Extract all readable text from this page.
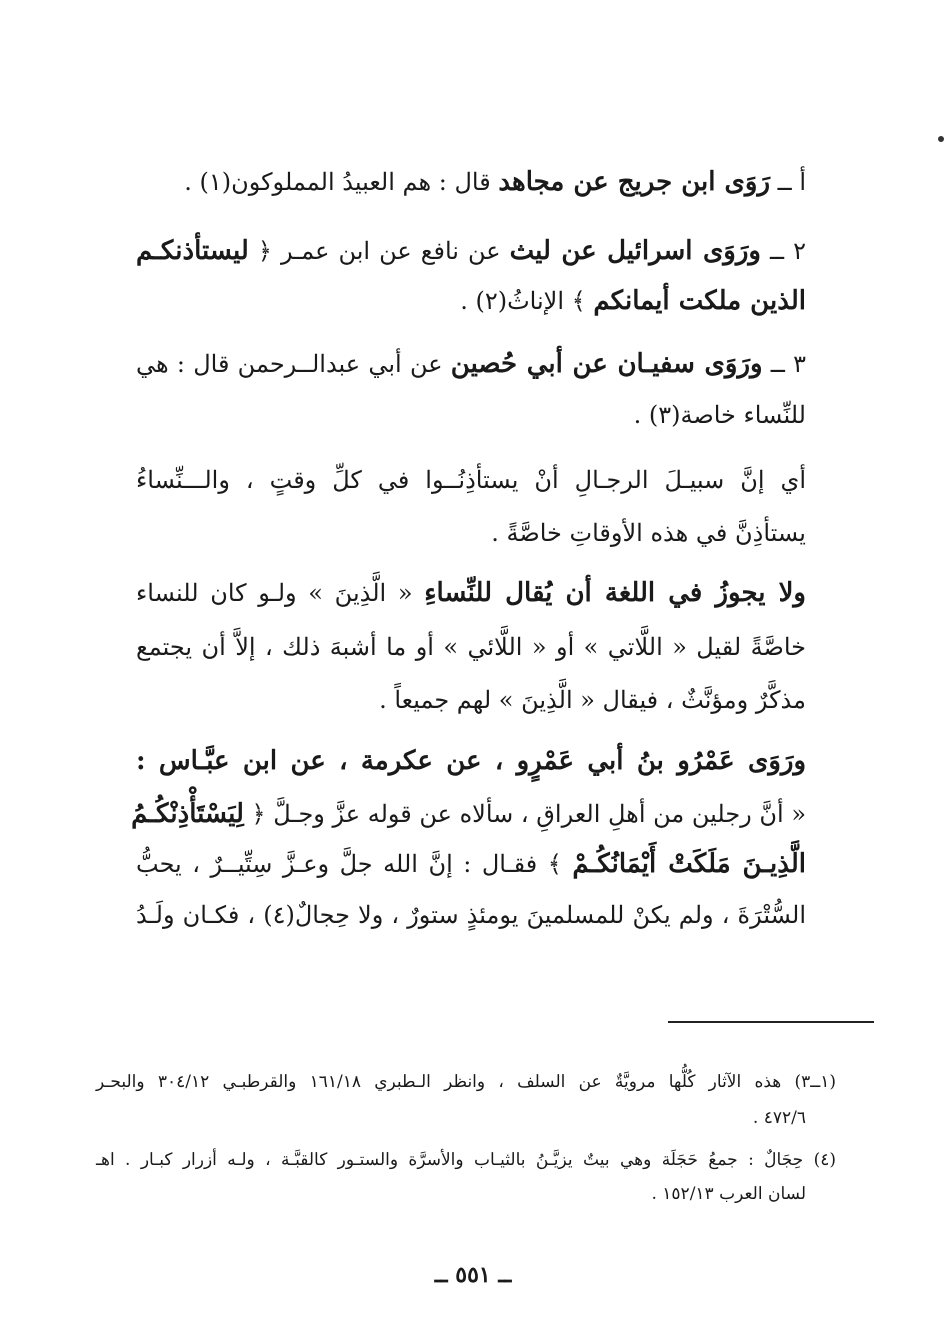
أ ــ رَوَى ابن جريج عن مجاهد قال : هم العبيدُ المملوكون(١) .
٢ ــ ورَوَى اسرائيل عن ليث عن نافع عن ابن عمـر ﴿ ليستأذنكـم
الذين ملكت أيمانكم ﴾ الإناثُ(٢) .
٣ ــ ورَوَى سفيـان عن أبي حُصين عن أبي عبدالــرحمن قال : هي
للنِّساء خاصة(٣) .
أي إنَّ سبيـلَ الرجـالِ أنْ يستأذِنُــوا في كلِّ وقتٍ ، والـــنِّساءُ
يستأذِنَّ في هذه الأوقاتِ خاصَّةً .
ولا يجوزُ في اللغة أن يُقال للنِّساءِ « الَّذِينَ » ولـو كان للنساء
خاصَّةً لقيل « اللَّاتي » أو « اللَّائي » أو ما أشبهَ ذلك ، إلاَّ أن يجتمع
مذكَّرٌ ومؤنَّثٌ ، فيقال « الَّذِينَ » لهم جميعاً .
ورَوَى عَمْرُو بنُ أبي عَمْرٍو ، عن عكرمة ، عن ابن عبَّـاس :
« أنَّ رجلين من أهلِ العراقِ ، سألاه عن قوله عزَّ وجـلَّ ﴿ لِيَسْتَأْذِنْكُـمُ
الَّذِيـنَ مَلَكَتْ أَيْمَانُكُـمْ ﴾ فقـال : إنَّ الله جلَّ وعـزَّ سِتِّيــرٌ ، يحبُّ
السُّتْرَةَ ، ولم يكنْ للمسلمينَ يومئذٍ ستورٌ ، ولا حِجالٌ(٤) ، فكـان ولَـدُ
(١ــ٣) هذه الآثار كُلُّها مرويَّةٌ عن السلف ، وانظر الـطبري ١٦١/١٨ والقرطبـي ٣٠٤/١٢ والبحـر
٤٧٢/٦ .
(٤) حِجَالٌ : جمعُ حَجَلَة وهي بيتٌ يزيَّـنُ بالثيـاب والأسرَّة والستـور كالقبَّـة ، ولـه أزرار كبـار . اهـ
لسان العرب ١٥٢/١٣ .
ــ ٥٥١ ــ
